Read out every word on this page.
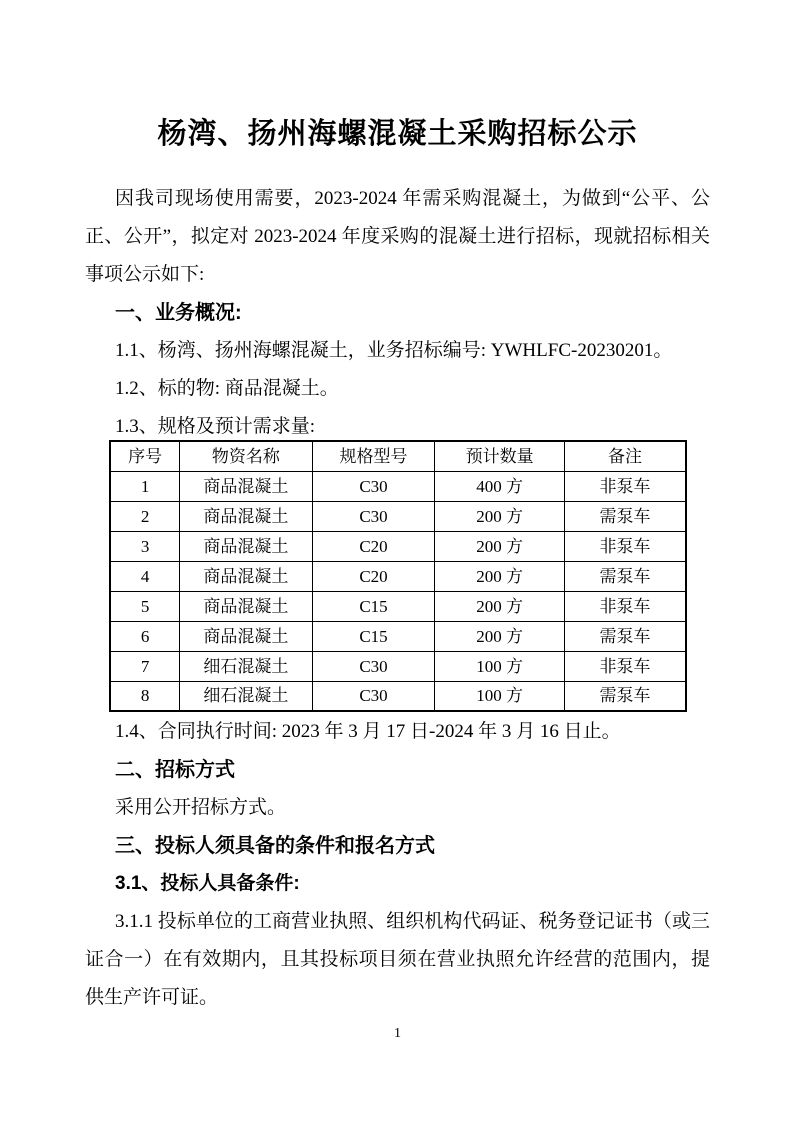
杨湾、扬州海螺混凝土采购招标公示

因我司现场使用需要，2023-2024 年需采购混凝土，为做到“公平、公正、公开”，拟定对 2023-2024 年度采购的混凝土进行招标，现就招标相关事项公示如下:

一、业务概况:

1.1、杨湾、扬州海螺混凝土，业务招标编号: YWHLFC-20230201。

1.2、标的物: 商品混凝土。

1.3、规格及预计需求量:

序号	物资名称	规格型号	预计数量	备注
1	商品混凝土	C30	400 方	非泵车
2	商品混凝土	C30	200 方	需泵车
3	商品混凝土	C20	200 方	非泵车
4	商品混凝土	C20	200 方	需泵车
5	商品混凝土	C15	200 方	非泵车
6	商品混凝土	C15	200 方	需泵车
7	细石混凝土	C30	100 方	非泵车
8	细石混凝土	C30	100 方	需泵车

1.4、合同执行时间: 2023 年 3 月 17 日-2024 年 3 月 16 日止。

二、招标方式

采用公开招标方式。

三、投标人须具备的条件和报名方式
3.1、投标人具备条件:

3.1.1 投标单位的工商营业执照、组织机构代码证、税务登记证书（或三证合一）在有效期内，且其投标项目须在营业执照允许经营的范围内，提供生产许可证。

1
